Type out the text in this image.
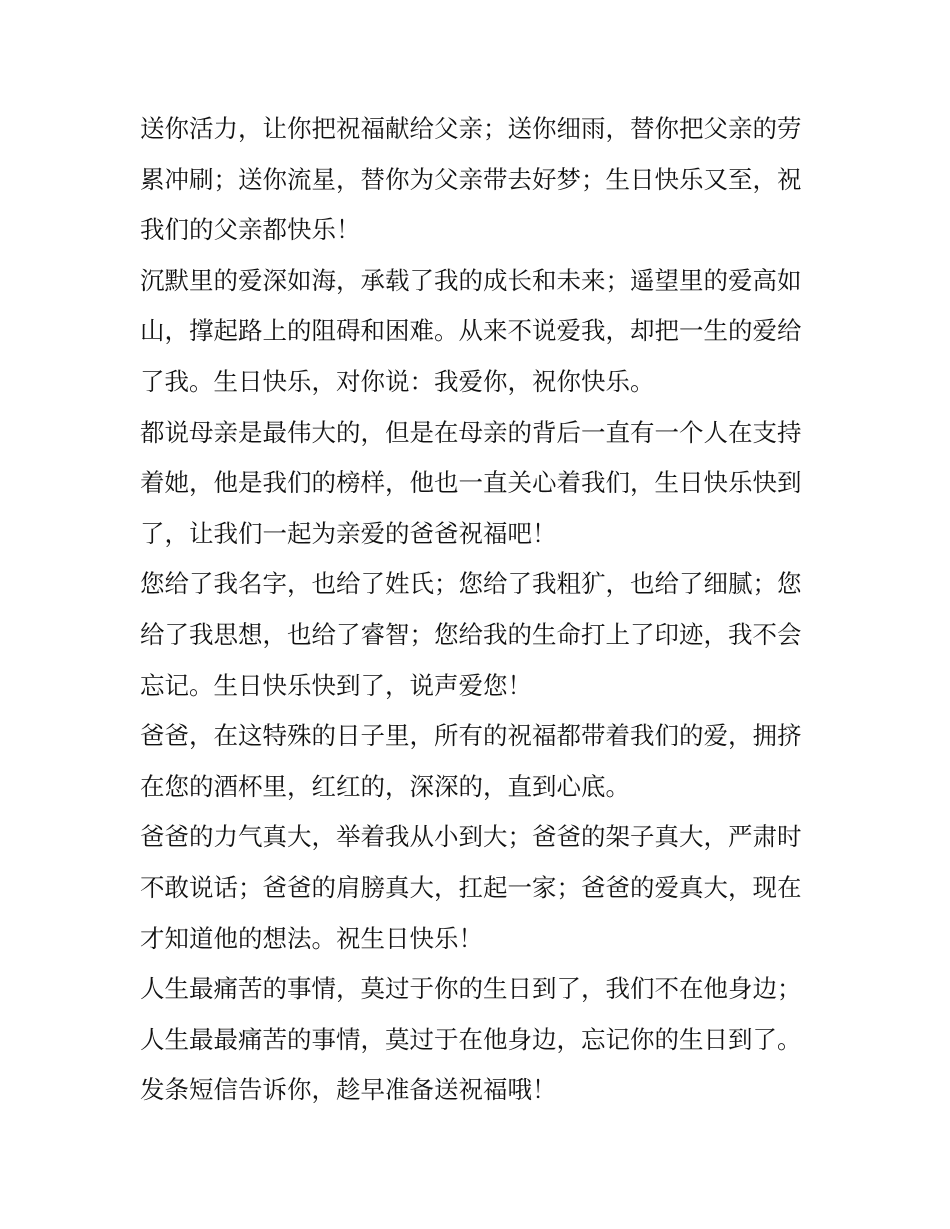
送你活力，让你把祝福献给父亲；送你细雨，替你把父亲的劳
累冲刷；送你流星，替你为父亲带去好梦；生日快乐又至，祝
我们的父亲都快乐！
沉默里的爱深如海，承载了我的成长和未来；遥望里的爱高如
山，撑起路上的阻碍和困难。从来不说爱我，却把一生的爱给
了我。生日快乐，对你说：我爱你，祝你快乐。
都说母亲是最伟大的，但是在母亲的背后一直有一个人在支持
着她，他是我们的榜样，他也一直关心着我们，生日快乐快到
了，让我们一起为亲爱的爸爸祝福吧！
您给了我名字，也给了姓氏；您给了我粗犷，也给了细腻；您
给了我思想，也给了睿智；您给我的生命打上了印迹，我不会
忘记。生日快乐快到了，说声爱您！
爸爸，在这特殊的日子里，所有的祝福都带着我们的爱，拥挤
在您的酒杯里，红红的，深深的，直到心底。
爸爸的力气真大，举着我从小到大；爸爸的架子真大，严肃时
不敢说话；爸爸的肩膀真大，扛起一家；爸爸的爱真大，现在
才知道他的想法。祝生日快乐！
人生最痛苦的事情，莫过于你的生日到了，我们不在他身边；
人生最最痛苦的事情，莫过于在他身边，忘记你的生日到了。
发条短信告诉你，趁早准备送祝福哦！
